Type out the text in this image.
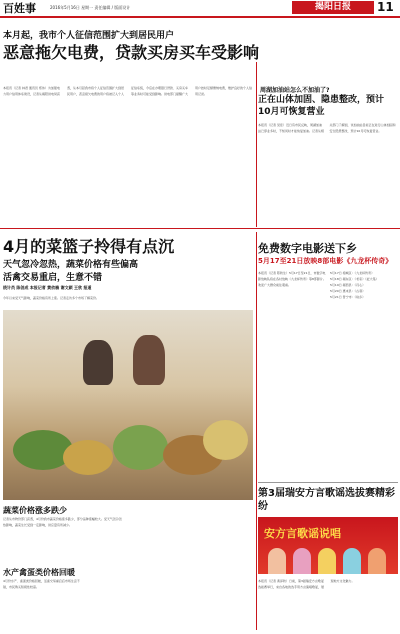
百姓事	2016年5月16日 星期一 责任编辑 / 版面设计	揭阳日报	11
本月起，我市个人征信范围扩大到居民用户
恶意拖欠电费，贷款买房买车受影响
本报讯（记者 林君 通讯员 郑伟）为加强电力用户信用体系建设，记者从揭阳供电局获悉，从本月起我市将个人征信范围扩大到居民用户，恶意拖欠电费的用户将被记入个人征信系统，今后在办理银行贷款、买房买车等业务时可能受到影响。供电部门提醒广大用户按时足额缴纳电费，维护良好的个人信用记录。	周湖加油站怎么不加油了?
正在山体加固、隐患整改，预计10月可恢复营业
本报讯（记者 吴佳）近日有市民反映，周湖加油站已停业多时，不知何时才能恢复加油。记者从相关部门了解到，该加油站目前正在进行山体加固和安全隐患整改，预计10月可恢复营业。
4月的菜篮子拎得有点沉
天气忽冷忽热，蔬菜价格有些偏高
活禽交易重启，生意不错
统计员 陈创成 本报记者 黄依楠 谢文颖 王欣 报道
今年以来受天气影响，蔬菜价格有所上涨。记者走访多个市场了解菜价。
蔬菜价格涨多跌少
记者从市物价部门获悉，4月份我市蔬菜价格涨多跌少，部分品种涨幅较大。受天气忽冷忽热影响，蔬菜生长受到一定影响，供应量有所减少。
水产禽蛋类价格回暖
4月份水产、禽蛋类价格回暖，活禽交易重启后市场生意不错，市民购买积极性较高。
免费数字电影送下乡
5月17至21日放映8部电影《九龙杯传奇》
本报讯（记者 陈秋生）5月17日至21日，市数字电影放映队将在各村放映《九龙杯传奇》等8部影片。欢迎广大群众前往观看。
5月17日 榕城区：《九龙杯传奇》
5月18日 揭东区：《老家》《赶大集》
5月19日 揭西县：《丹心》
5月20日 惠来县：《古巷》
5月21日 普宁市：《故乡》
第3届瑞安方言歌谣选拔赛精彩纷
安方言歌谣说唱
本报讯（记者 黄泽秋）日前，第3届瑞安方言歌谣选拔赛举行，来自各地的选手用方言演唱歌谣，展现地方文化魅力。
